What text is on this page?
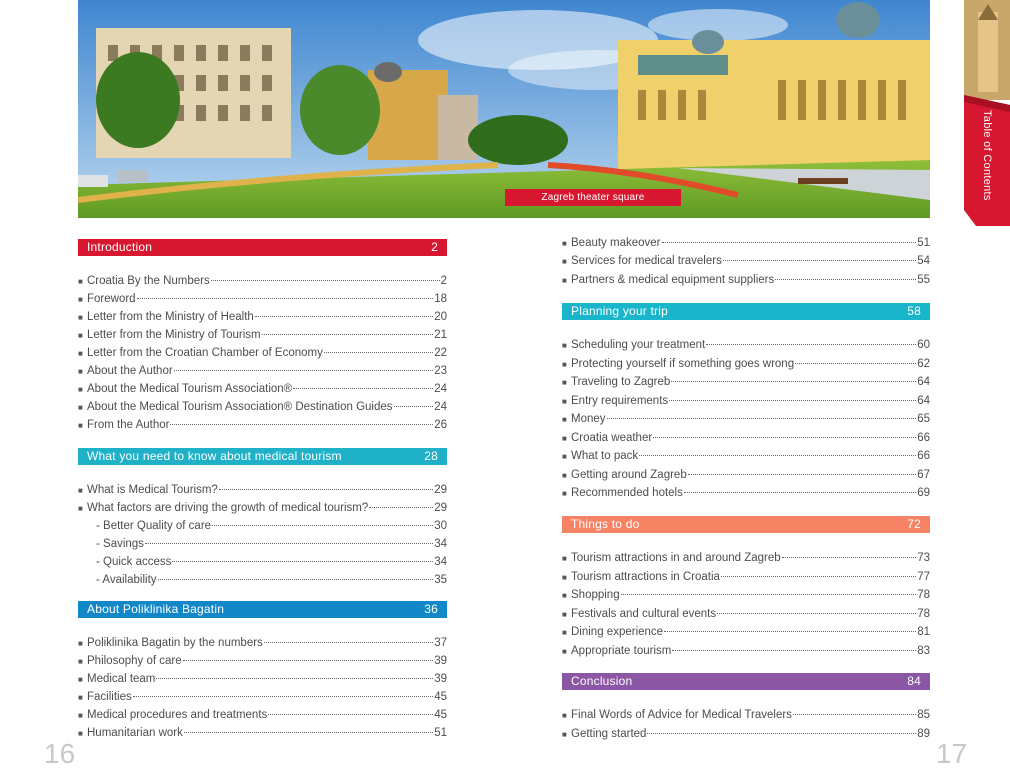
Zagreb theater square	Table of Contents
Introduction	2
■ Croatia By the Numbers	2
■ Foreword	18
■ Letter from the Ministry of Health	20
■ Letter from the Ministry of Tourism	21
■ Letter from the Croatian Chamber of Economy	22
■ About the Author	23
■ About the Medical Tourism Association®	24
■ About the Medical Tourism Association® Destination Guides	24
■ From the Author	26
What you need to know about medical tourism	28
■ What is Medical Tourism?	29
■ What factors are driving the growth of medical tourism?	29
- Better Quality of care	30
- Savings	34
- Quick access	34
- Availability	35
About Poliklinika Bagatin	36
■ Poliklinika Bagatin by the numbers	37
■ Philosophy of care	39
■ Medical team	39
■ Facilities	45
■ Medical procedures and treatments	45
■ Humanitarian work	51
■ Beauty makeover	51
■ Services for medical travelers	54
■ Partners & medical equipment suppliers	55
Planning your trip	58
■ Scheduling your treatment	60
■ Protecting yourself if something goes wrong	62
■ Traveling to Zagreb	64
■ Entry requirements	64
■ Money	65
■ Croatia weather	66
■ What to pack	66
■ Getting around Zagreb	67
■ Recommended hotels	69
Things to do	72
■ Tourism attractions in and around Zagreb	73
■ Tourism attractions in Croatia	77
■ Shopping	78
■ Festivals and cultural events	78
■ Dining experience	81
■ Appropriate tourism	83
Conclusion	84
■ Final Words of Advice for Medical Travelers	85
■ Getting started	89
16	17
